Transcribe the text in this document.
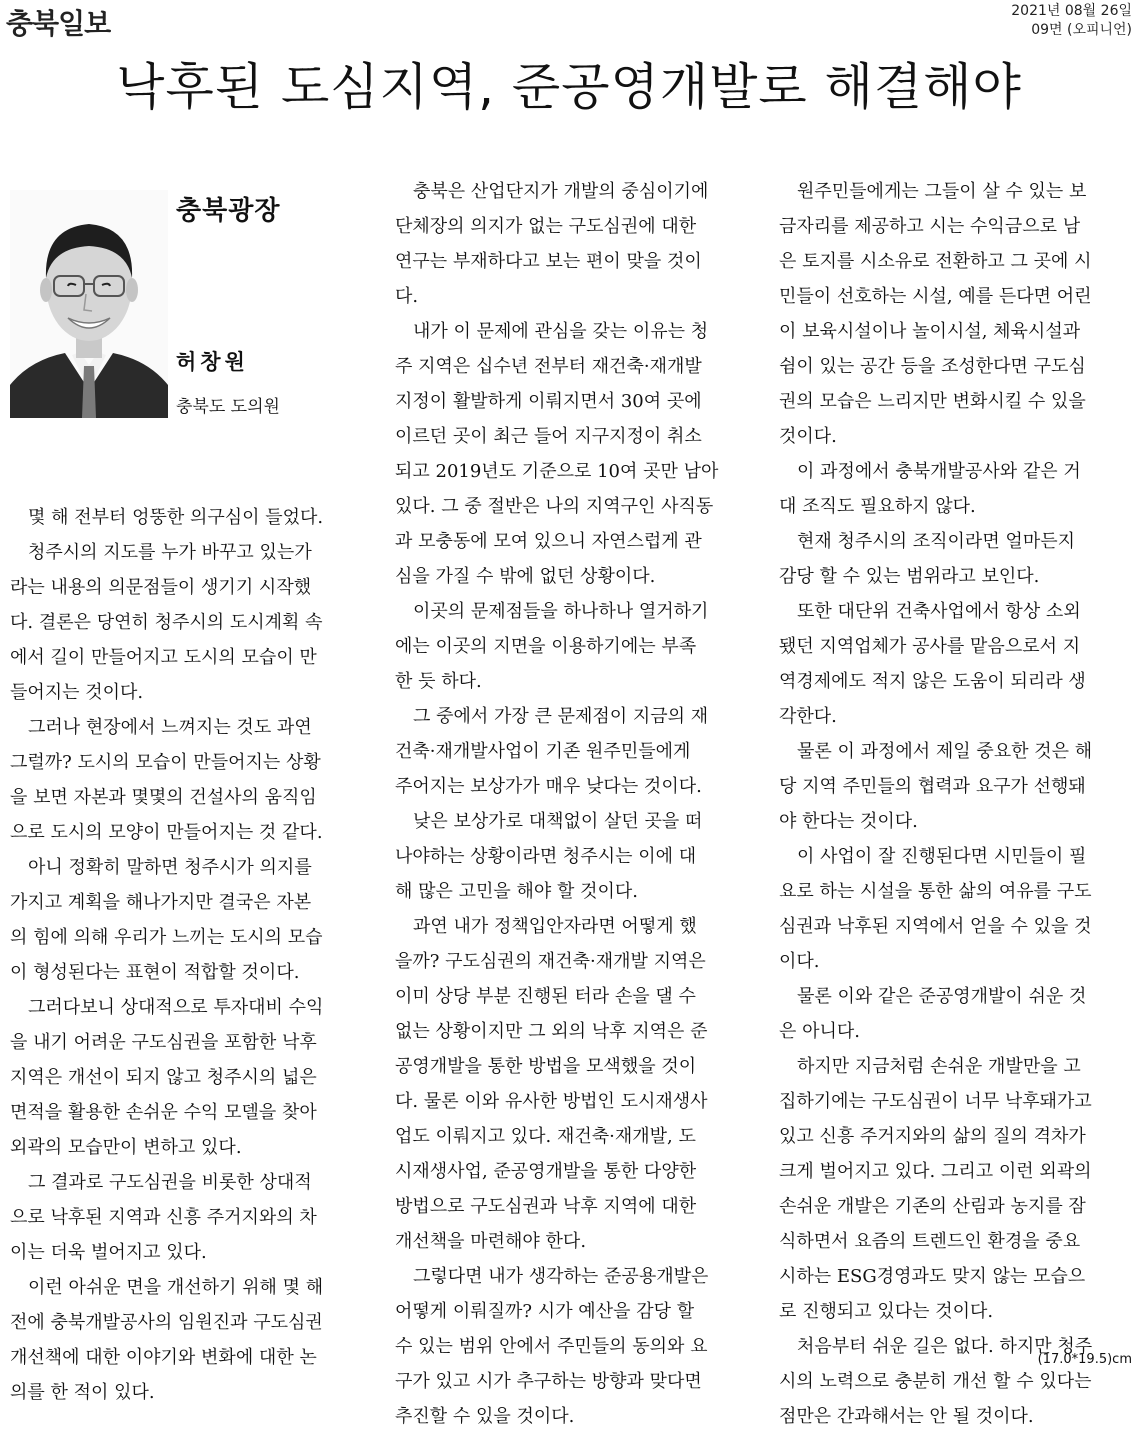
충북일보	2021년 08월 26일
09면 (오피니언)
낙후된 도심지역, 준공영개발로 해결해야
충북광장
허창원
충북도 도의원

몇 해 전부터 엉뚱한 의구심이 들었다.

청주시의 지도를 누가 바꾸고 있는가
라는 내용의 의문점들이 생기기 시작했
다. 결론은 당연히 청주시의 도시계획 속
에서 길이 만들어지고 도시의 모습이 만
들어지는 것이다.

그러나 현장에서 느껴지는 것도 과연
그럴까? 도시의 모습이 만들어지는 상황
을 보면 자본과 몇몇의 건설사의 움직임
으로 도시의 모양이 만들어지는 것 같다.

아니 정확히 말하면 청주시가 의지를
가지고 계획을 해나가지만 결국은 자본
의 힘에 의해 우리가 느끼는 도시의 모습
이 형성된다는 표현이 적합할 것이다.

그러다보니 상대적으로 투자대비 수익
을 내기 어려운 구도심권을 포함한 낙후
지역은 개선이 되지 않고 청주시의 넓은
면적을 활용한 손쉬운 수익 모델을 찾아
외곽의 모습만이 변하고 있다.

그 결과로 구도심권을 비롯한 상대적
으로 낙후된 지역과 신흥 주거지와의 차
이는 더욱 벌어지고 있다.

이런 아쉬운 면을 개선하기 위해 몇 해
전에 충북개발공사의 임원진과 구도심권
개선책에 대한 이야기와 변화에 대한 논
의를 한 적이 있다.

충북은 산업단지가 개발의 중심이기에
단체장의 의지가 없는 구도심권에 대한
연구는 부재하다고 보는 편이 맞을 것이
다.

내가 이 문제에 관심을 갖는 이유는 청
주 지역은 십수년 전부터 재건축·재개발
지정이 활발하게 이뤄지면서 30여 곳에
이르던 곳이 최근 들어 지구지정이 취소
되고 2019년도 기준으로 10여 곳만 남아
있다. 그 중 절반은 나의 지역구인 사직동
과 모충동에 모여 있으니 자연스럽게 관
심을 가질 수 밖에 없던 상황이다.

이곳의 문제점들을 하나하나 열거하기
에는 이곳의 지면을 이용하기에는 부족
한 듯 하다.

그 중에서 가장 큰 문제점이 지금의 재
건축·재개발사업이 기존 원주민들에게
주어지는 보상가가 매우 낮다는 것이다.

낮은 보상가로 대책없이 살던 곳을 떠
나야하는 상황이라면 청주시는 이에 대
해 많은 고민을 해야 할 것이다.

과연 내가 정책입안자라면 어떻게 했
을까? 구도심권의 재건축·재개발 지역은
이미 상당 부분 진행된 터라 손을 댈 수
없는 상황이지만 그 외의 낙후 지역은 준
공영개발을 통한 방법을 모색했을 것이
다. 물론 이와 유사한 방법인 도시재생사
업도 이뤄지고 있다. 재건축·재개발, 도
시재생사업, 준공영개발을 통한 다양한
방법으로 구도심권과 낙후 지역에 대한
개선책을 마련해야 한다.

그렇다면 내가 생각하는 준공용개발은
어떻게 이뤄질까? 시가 예산을 감당 할
수 있는 범위 안에서 주민들의 동의와 요
구가 있고 시가 추구하는 방향과 맞다면
추진할 수 있을 것이다.

원주민들에게는 그들이 살 수 있는 보
금자리를 제공하고 시는 수익금으로 남
은 토지를 시소유로 전환하고 그 곳에 시
민들이 선호하는 시설, 예를 든다면 어린
이 보육시설이나 놀이시설, 체육시설과
쉼이 있는 공간 등을 조성한다면 구도심
권의 모습은 느리지만 변화시킬 수 있을
것이다.

이 과정에서 충북개발공사와 같은 거
대 조직도 필요하지 않다.

현재 청주시의 조직이라면 얼마든지
감당 할 수 있는 범위라고 보인다.

또한 대단위 건축사업에서 항상 소외
됐던 지역업체가 공사를 맡음으로서 지
역경제에도 적지 않은 도움이 되리라 생
각한다.

물론 이 과정에서 제일 중요한 것은 해
당 지역 주민들의 협력과 요구가 선행돼
야 한다는 것이다.

이 사업이 잘 진행된다면 시민들이 필
요로 하는 시설을 통한 삶의 여유를 구도
심권과 낙후된 지역에서 얻을 수 있을 것
이다.

물론 이와 같은 준공영개발이 쉬운 것
은 아니다.

하지만 지금처럼 손쉬운 개발만을 고
집하기에는 구도심권이 너무 낙후돼가고
있고 신흥 주거지와의 삶의 질의 격차가
크게 벌어지고 있다. 그리고 이런 외곽의
손쉬운 개발은 기존의 산림과 농지를 잠
식하면서 요즘의 트렌드인 환경을 중요
시하는 ESG경영과도 맞지 않는 모습으
로 진행되고 있다는 것이다.

처음부터 쉬운 길은 없다. 하지만 청주
시의 노력으로 충분히 개선 할 수 있다는
점만은 간과해서는 안 될 것이다.

(17.0*19.5)cm
